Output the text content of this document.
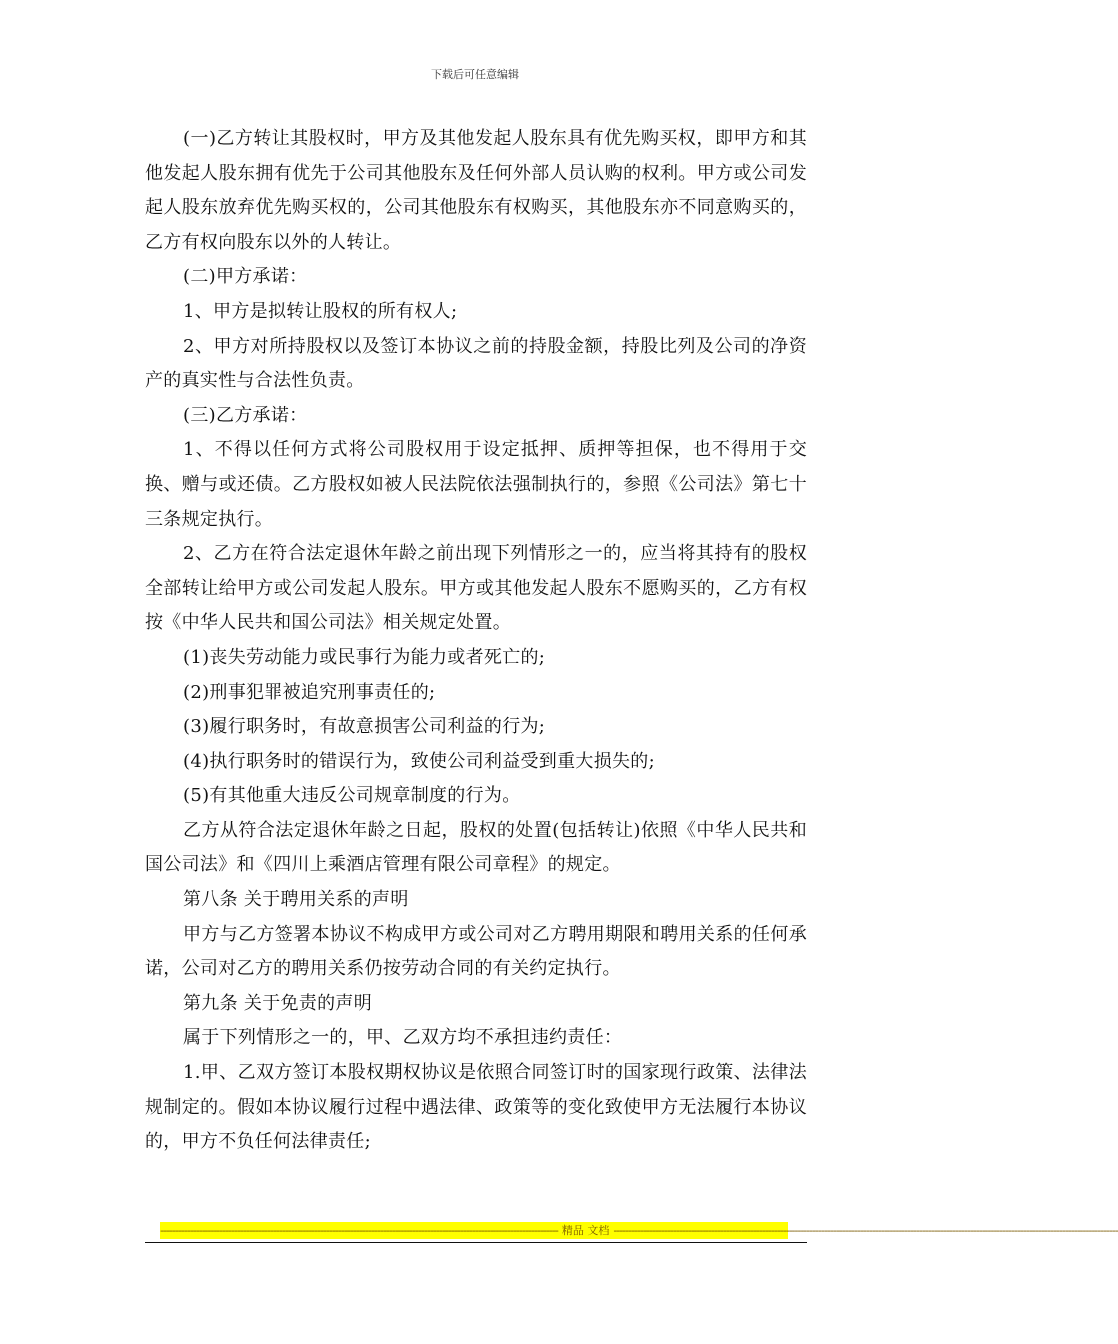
下载后可任意编辑

(一)乙方转让其股权时，甲方及其他发起人股东具有优先购买权，即甲方和其他发起人股东拥有优先于公司其他股东及任何外部人员认购的权利。甲方或公司发起人股东放弃优先购买权的，公司其他股东有权购买，其他股东亦不同意购买的，乙方有权向股东以外的人转让。

(二)甲方承诺：

1、甲方是拟转让股权的所有权人;

2、甲方对所持股权以及签订本协议之前的持股金额，持股比列及公司的净资产的真实性与合法性负责。

(三)乙方承诺：

1、不得以任何方式将公司股权用于设定抵押、质押等担保，也不得用于交换、赠与或还债。乙方股权如被人民法院依法强制执行的，参照《公司法》第七十三条规定执行。

2、乙方在符合法定退休年龄之前出现下列情形之一的，应当将其持有的股权全部转让给甲方或公司发起人股东。甲方或其他发起人股东不愿购买的，乙方有权按《中华人民共和国公司法》相关规定处置。

(1)丧失劳动能力或民事行为能力或者死亡的;

(2)刑事犯罪被追究刑事责任的;

(3)履行职务时，有故意损害公司利益的行为;

(4)执行职务时的错误行为，致使公司利益受到重大损失的;

(5)有其他重大违反公司规章制度的行为。

乙方从符合法定退休年龄之日起，股权的处置(包括转让)依照《中华人民共和国公司法》和《四川上乘酒店管理有限公司章程》的规定。

第八条 关于聘用关系的声明

甲方与乙方签署本协议不构成甲方或公司对乙方聘用期限和聘用关系的任何承诺，公司对乙方的聘用关系仍按劳动合同的有关约定执行。

第九条 关于免责的声明

属于下列情形之一的，甲、乙双方均不承担违约责任：

1.甲、乙双方签订本股权期权协议是依照合同签订时的国家现行政策、法律法规制定的。假如本协议履行过程中遇法律、政策等的变化致使甲方无法履行本协议的，甲方不负任何法律责任;

-------------------------------------------------------------------------------------------------------------------------------------- 精品 文档 --------------------------------------------------------------------------------------------------------------------------------------------------------------------------
